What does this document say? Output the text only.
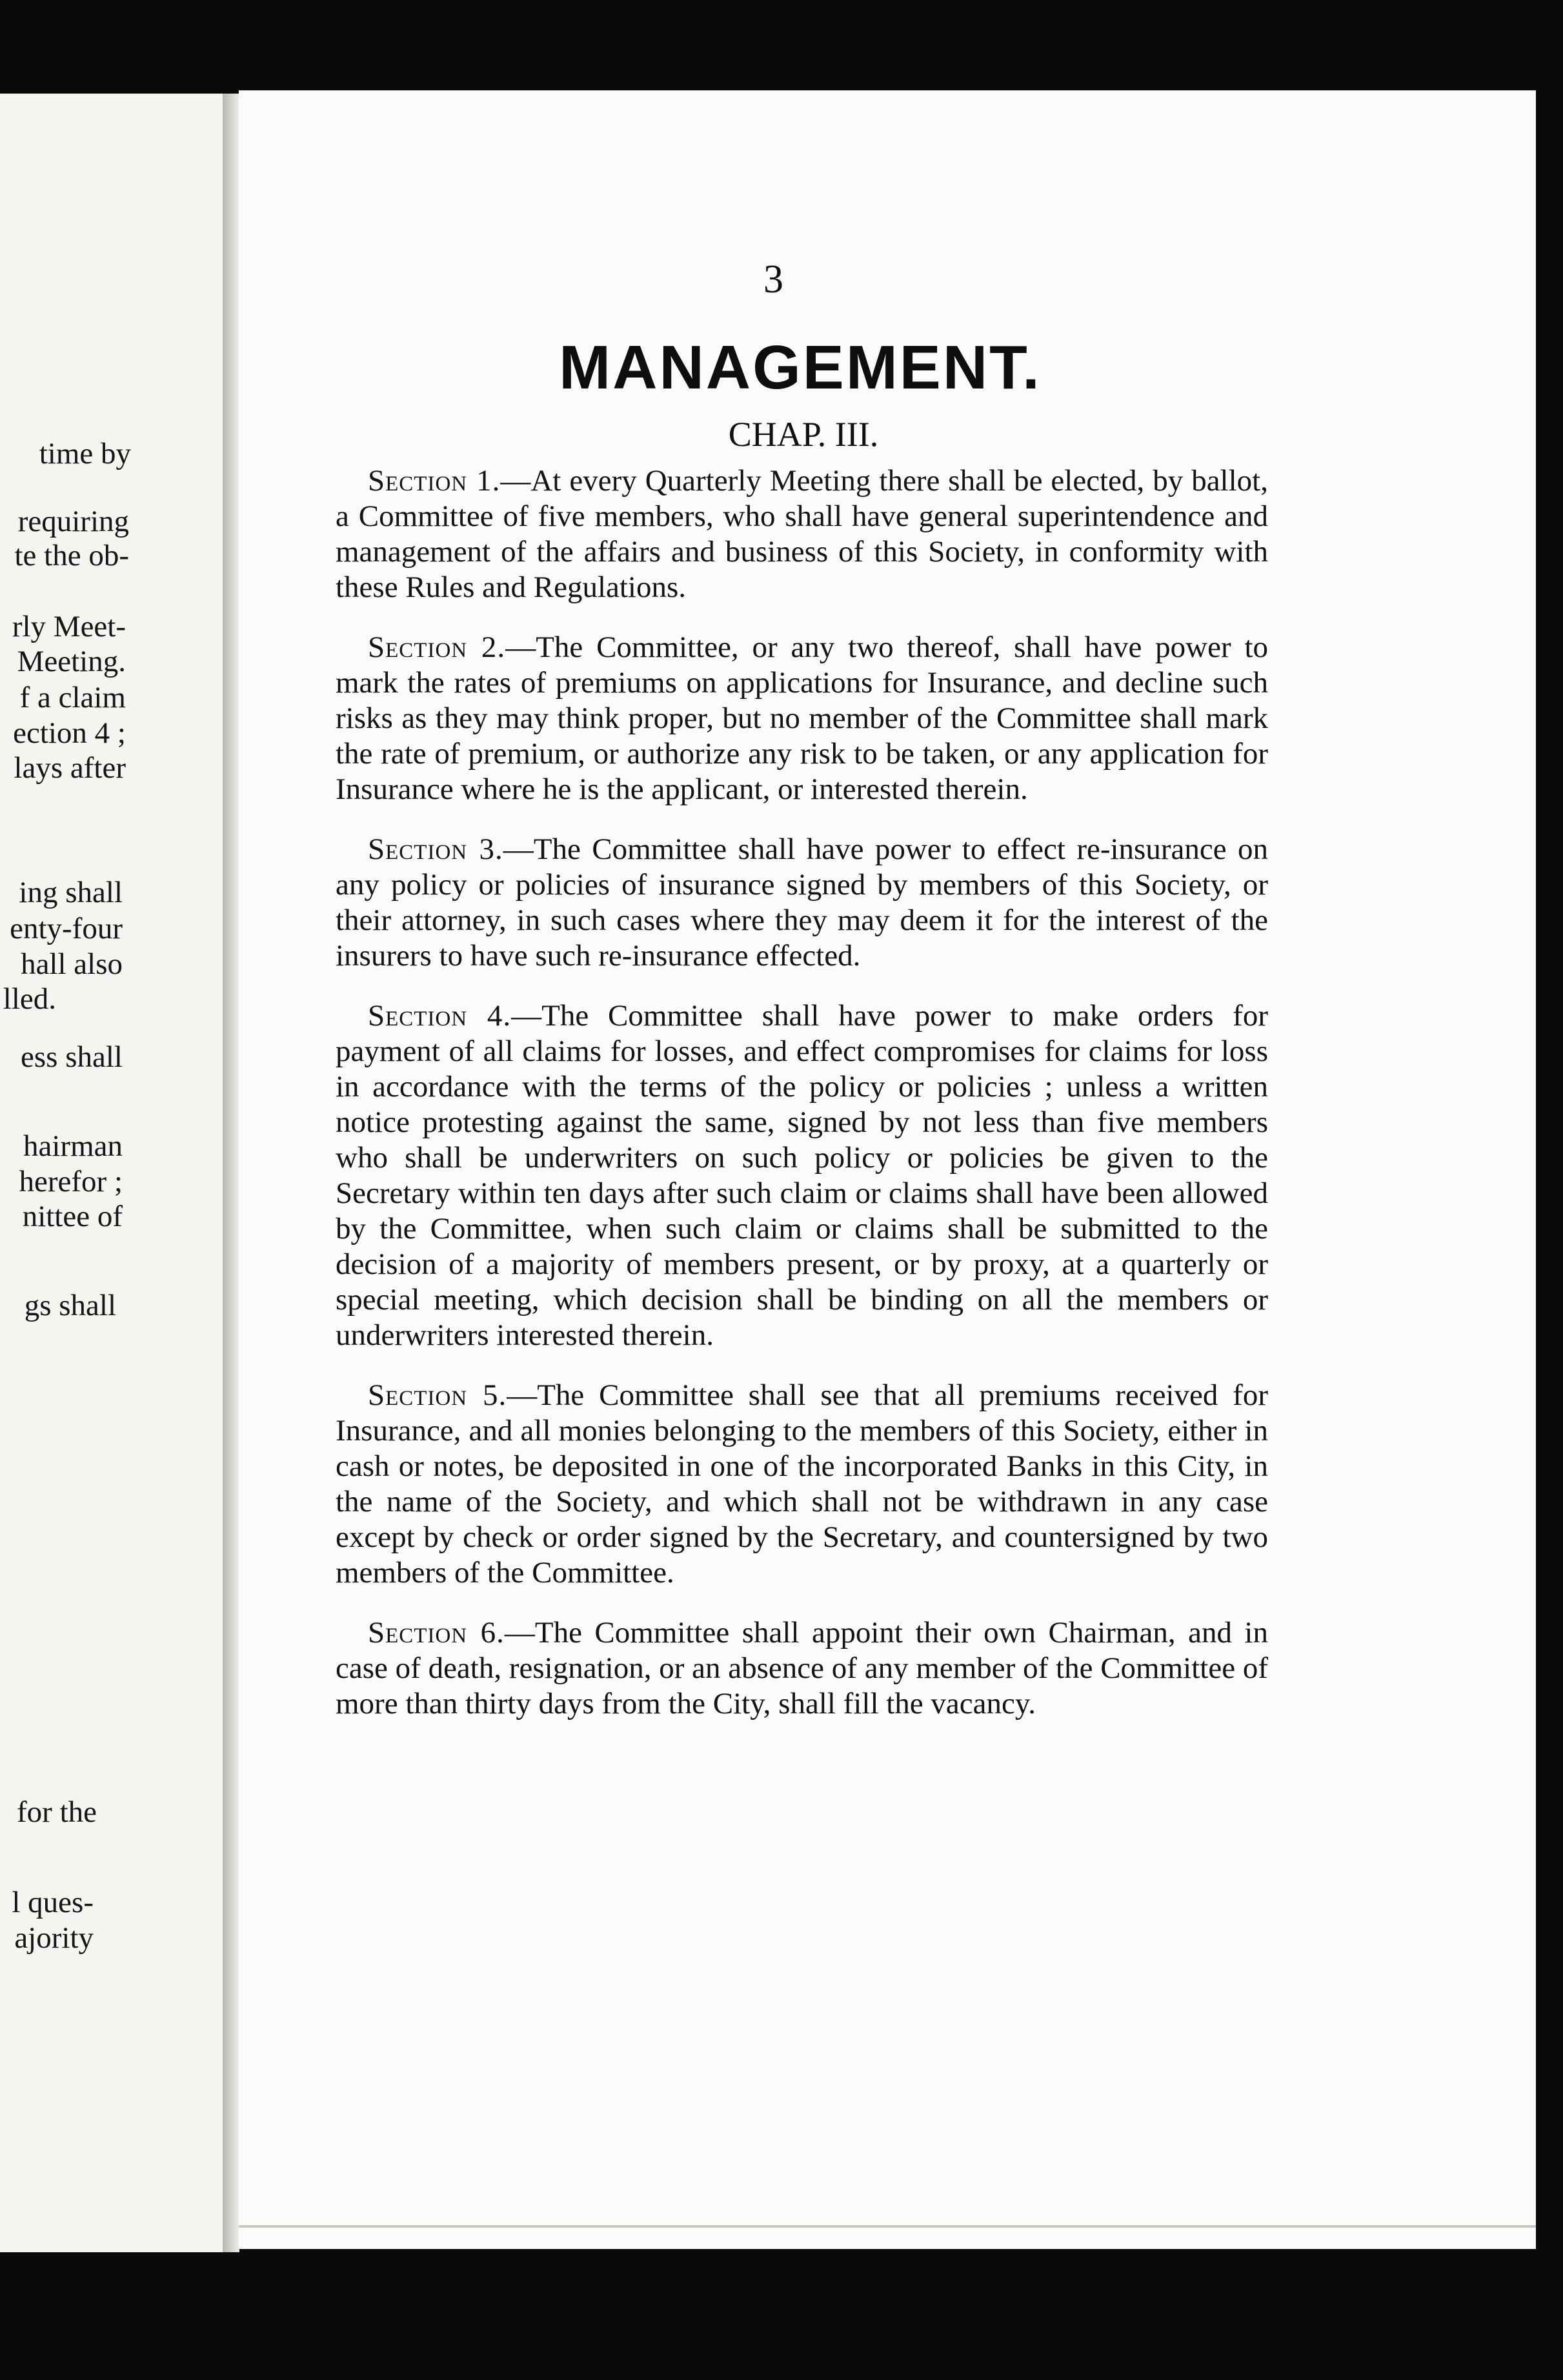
time by
requiring
te the ob-
rly Meet-
Meeting.
f a claim
ection 4 ;
lays after
ing shall
enty-four
hall also
lled.
ess shall
hairman
herefor ;
nittee of
gs shall
for the
l ques-
ajority
3
MANAGEMENT.
CHAP. III.

Section 1.—At every Quarterly Meeting there shall be elected, by ballot, a Committee of five members, who shall have general superintendence and management of the affairs and business of this Society, in conformity with these Rules and Regulations.

Section 2.—The Committee, or any two thereof, shall have power to mark the rates of premiums on applications for Insurance, and decline such risks as they may think proper, but no member of the Committee shall mark the rate of premium, or authorize any risk to be taken, or any application for Insurance where he is the applicant, or interested therein.

Section 3.—The Committee shall have power to effect re-insurance on any policy or policies of insurance signed by members of this Society, or their attorney, in such cases where they may deem it for the interest of the insurers to have such re-insurance effected.

Section 4.—The Committee shall have power to make orders for payment of all claims for losses, and effect compromises for claims for loss in accordance with the terms of the policy or policies ; unless a written notice protesting against the same, signed by not less than five members who shall be underwriters on such policy or policies be given to the Secretary within ten days after such claim or claims shall have been allowed by the Committee, when such claim or claims shall be submitted to the decision of a majority of members present, or by proxy, at a quarterly or special meeting, which decision shall be binding on all the members or underwriters interested therein.

Section 5.—The Committee shall see that all premiums received for Insurance, and all monies belonging to the members of this Society, either in cash or notes, be deposited in one of the incorporated Banks in this City, in the name of the Society, and which shall not be withdrawn in any case except by check or order signed by the Secretary, and countersigned by two members of the Committee.

Section 6.—The Committee shall appoint their own Chairman, and in case of death, resignation, or an absence of any member of the Committee of more than thirty days from the City, shall fill the vacancy.
